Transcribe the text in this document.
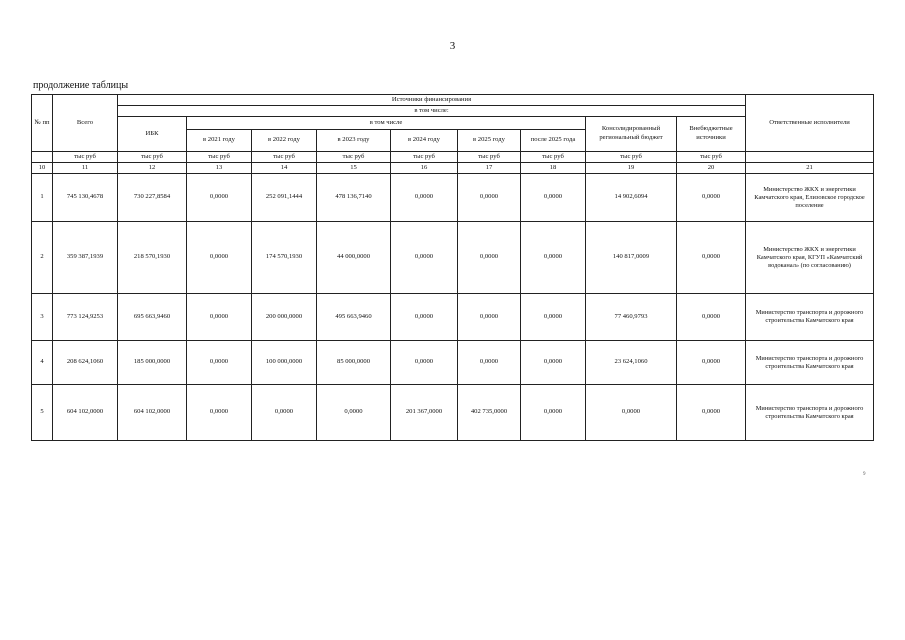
3
продолжение таблицы
№ пп	Всего	Источники финансирования									Ответственные исполнители
		в том числе:									
		ИБК	в том числе						Консолидированный региональный бюджет	Внебюджетные источники	
			в 2021 году	в 2022 году	в 2023 году	в 2024 году	в 2025 году	после 2025 года			
	тыс руб	тыс руб	тыс руб	тыс руб	тыс руб	тыс руб	тыс руб	тыс руб	тыс руб	тыс руб	
10	11	12	13	14	15	16	17	18	19	20	21
1	745 130,4678	730 227,8584	0,0000	252 091,1444	478 136,7140	0,0000	0,0000	0,0000	14 902,6094	0,0000	Министерство ЖКХ и энергетики Камчатского края, Елизовское городское поселение
2	359 387,1939	218 570,1930	0,0000	174 570,1930	44 000,0000	0,0000	0,0000	0,0000	140 817,0009	0,0000	Министерство ЖКХ и энергетики Камчатского края, КГУП «Камчатский водоканал» (по согласованию)
3	773 124,9253	695 663,9460	0,0000	200 000,0000	495 663,9460	0,0000	0,0000	0,0000	77 460,9793	0,0000	Министерство транспорта и дорожного строительства Камчатского края
4	208 624,1060	185 000,0000	0,0000	100 000,0000	85 000,0000	0,0000	0,0000	0,0000	23 624,1060	0,0000	Министерство транспорта и дорожного строительства Камчатского края
5	604 102,0000	604 102,0000	0,0000	0,0000	0,0000	201 367,0000	402 735,0000	0,0000	0,0000	0,0000	Министерство транспорта и дорожного строительства Камчатского края
9
